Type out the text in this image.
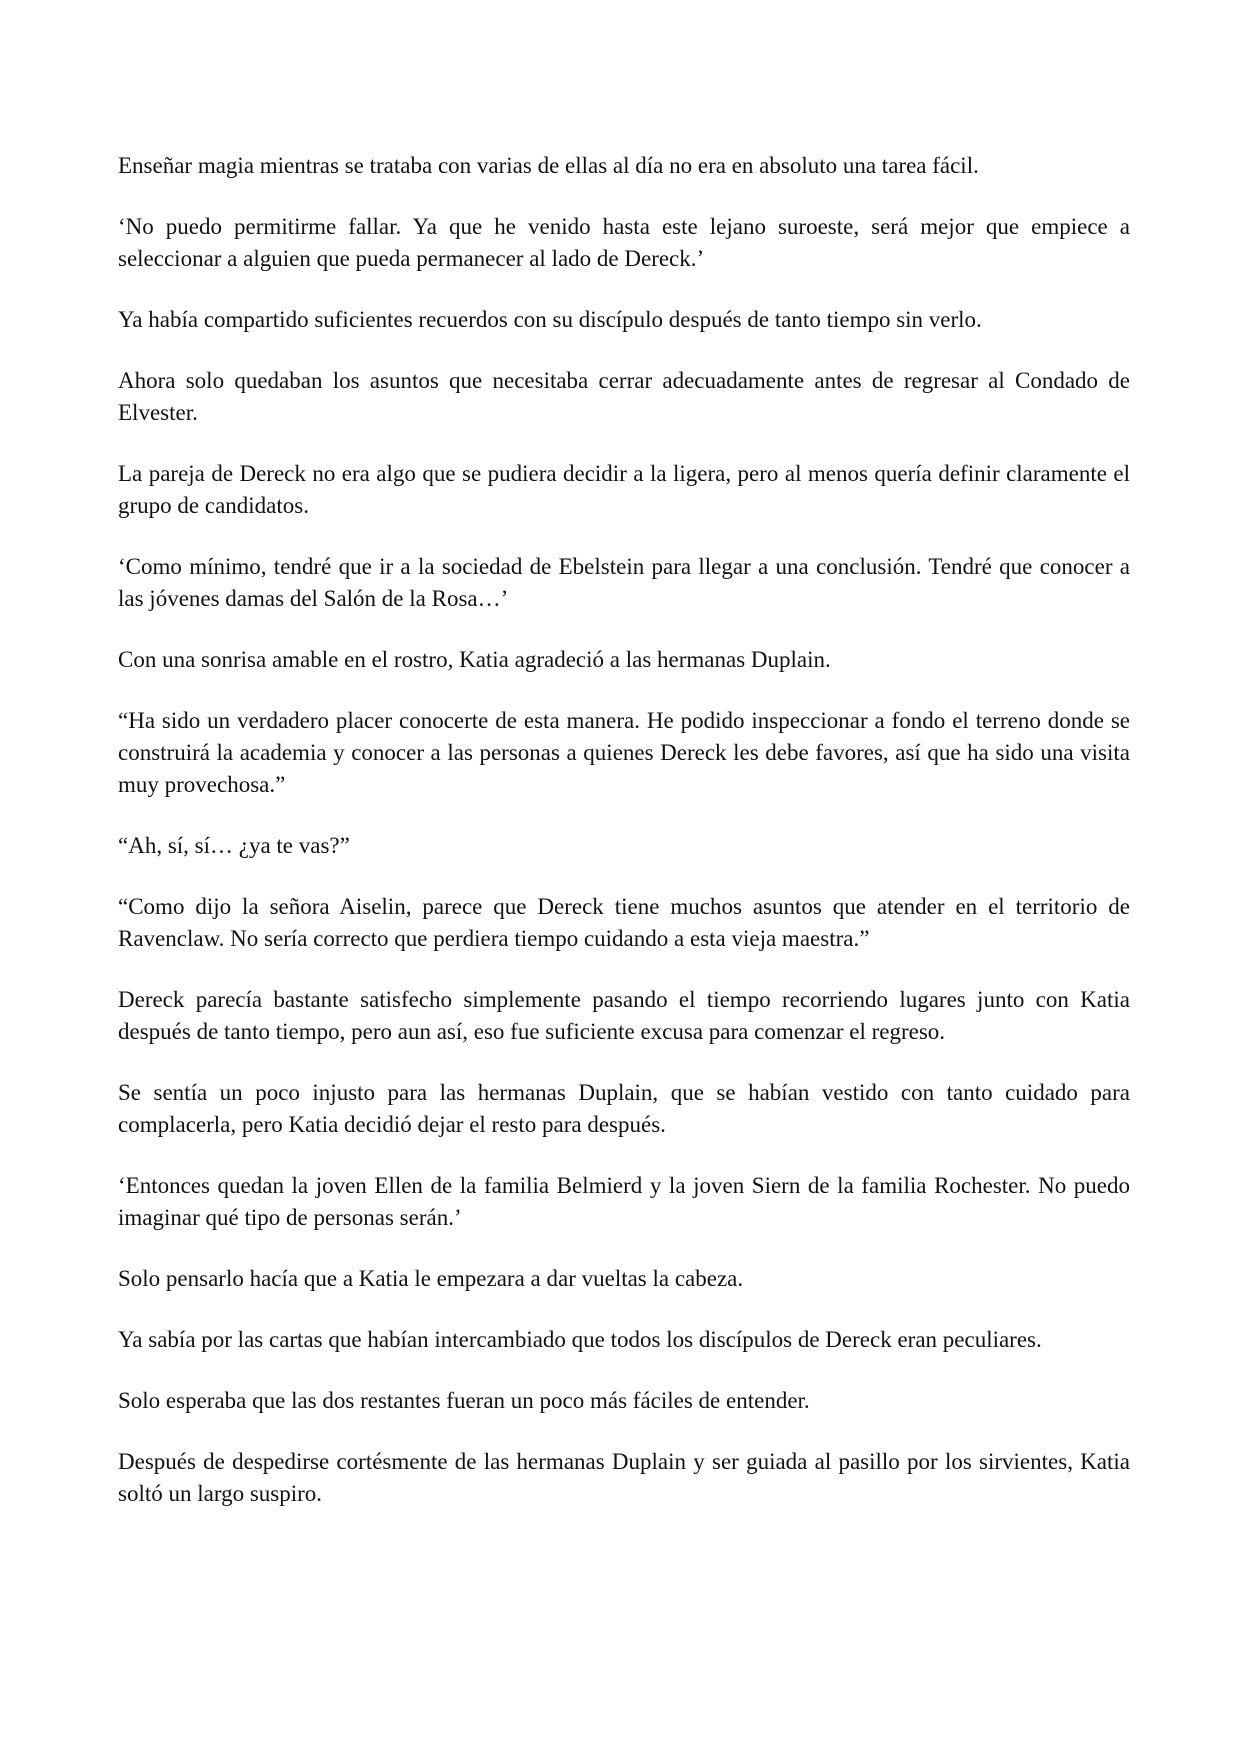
Enseñar magia mientras se trataba con varias de ellas al día no era en absoluto una tarea fácil.

‘No puedo permitirme fallar. Ya que he venido hasta este lejano suroeste, será mejor que empiece a seleccionar a alguien que pueda permanecer al lado de Dereck.’

Ya había compartido suficientes recuerdos con su discípulo después de tanto tiempo sin verlo.

Ahora solo quedaban los asuntos que necesitaba cerrar adecuadamente antes de regresar al Condado de Elvester.

La pareja de Dereck no era algo que se pudiera decidir a la ligera, pero al menos quería definir claramente el grupo de candidatos.

‘Como mínimo, tendré que ir a la sociedad de Ebelstein para llegar a una conclusión. Tendré que conocer a las jóvenes damas del Salón de la Rosa…’

Con una sonrisa amable en el rostro, Katia agradeció a las hermanas Duplain.

“Ha sido un verdadero placer conocerte de esta manera. He podido inspeccionar a fondo el terreno donde se construirá la academia y conocer a las personas a quienes Dereck les debe favores, así que ha sido una visita muy provechosa.”

“Ah, sí, sí… ¿ya te vas?”

“Como dijo la señora Aiselin, parece que Dereck tiene muchos asuntos que atender en el territorio de Ravenclaw. No sería correcto que perdiera tiempo cuidando a esta vieja maestra.”

Dereck parecía bastante satisfecho simplemente pasando el tiempo recorriendo lugares junto con Katia después de tanto tiempo, pero aun así, eso fue suficiente excusa para comenzar el regreso.

Se sentía un poco injusto para las hermanas Duplain, que se habían vestido con tanto cuidado para complacerla, pero Katia decidió dejar el resto para después.

‘Entonces quedan la joven Ellen de la familia Belmierd y la joven Siern de la familia Rochester. No puedo imaginar qué tipo de personas serán.’

Solo pensarlo hacía que a Katia le empezara a dar vueltas la cabeza.

Ya sabía por las cartas que habían intercambiado que todos los discípulos de Dereck eran peculiares.

Solo esperaba que las dos restantes fueran un poco más fáciles de entender.

Después de despedirse cortésmente de las hermanas Duplain y ser guiada al pasillo por los sirvientes, Katia soltó un largo suspiro.
